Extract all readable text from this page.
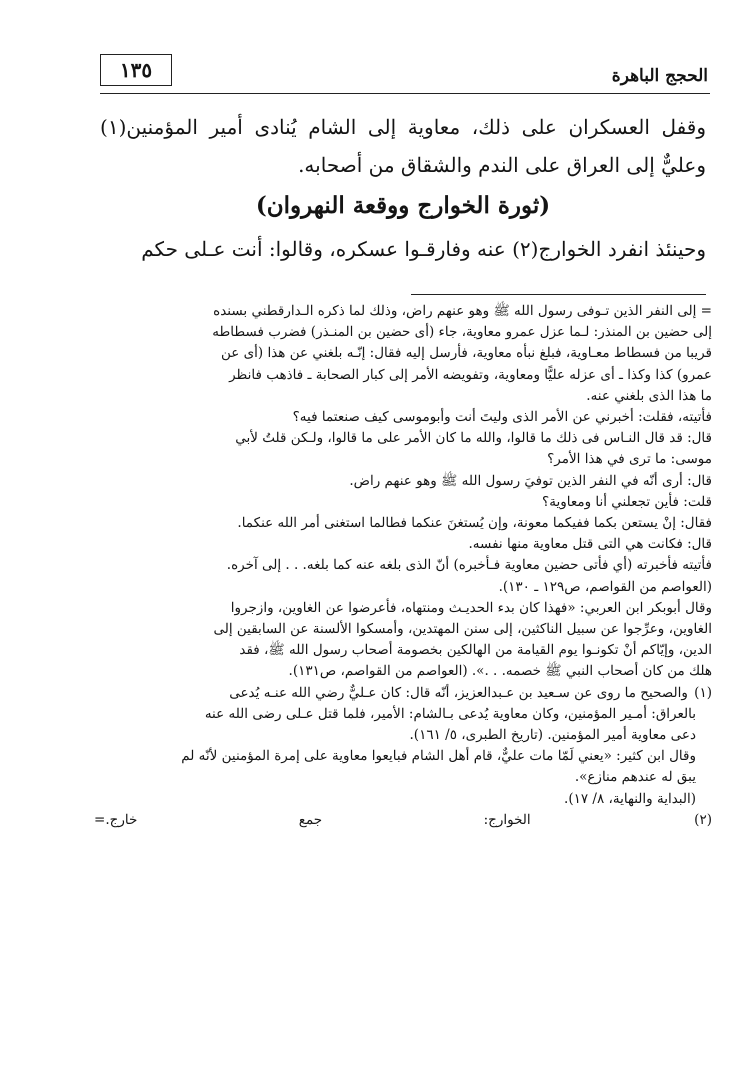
الحجج الباهرة
١٣٥

وقفل العسكران على ذلك، معاوية إلى الشام يُنادى أمير المؤمنين(١) وعليٌّ إلى العراق على الندم والشقاق من أصحابه.

(ثورة الخوارج ووقعة النهروان)

وحينئذ انفرد الخوارج(٢) عنه وفارقـوا عسكره، وقالوا: أنت عـلى حكم

= إلى النفر الذين تـوفى رسول الله ﷺ وهو عنهم راض، وذلك لما ذكره الـدارقطني بسنده

إلى حضين بن المنذر: لـما عزل عمرو معاوية، جاء (أى حضين بن المنـذر) فضرب فسطاطه

قريبا من فسطاط معـاوية، فبلغ نبأه معاوية، فأرسل إليه فقال: إنّـه بلغني عن هذا (أى عن

عمرو) كذا وكذا ـ أى عزله عليًّا ومعاوية، وتفويضه الأمر إلى كبار الصحابة ـ فاذهب فانظر

ما هذا الذى بلغني عنه.

فأتيته، فقلت: أخبرني عن الأمر الذى وليتَ أنت وأبوموسى كيف صنعتما فيه؟

قال: قد قال النـاس فى ذلك ما قالوا، والله ما كان الأمر على ما قالوا، ولـكن قلتُ لأبي

موسى: ما ترى في هذا الأمر؟

قال: أرى أنّه في النفر الذين توفيَ رسول الله ﷺ وهو عنهم راض.

قلت: فأين تجعلني أنا ومعاوية؟

فقال: إنْ يستعن بكما ففيكما معونة، وإن يُستغنَ عنكما فطالما استغنى أمر الله عنكما.

قال: فكانت هي التى قتل معاوية منها نفسه.

فأتيته فأخبرته (أي فأتى حضين معاوية فـأخبره) أنّ الذى بلغه عنه كما بلغه. . . إلى آخره.

(العواصم من القواصم، ص١٢٩ ـ ١٣٠).

وقال أبوبكر ابن العربي: «فهذا كان بدء الحديـث ومنتهاه، فأعرضوا عن الغاوين، وازجروا

الغاوين، وعرِّجوا عن سبيل الناكثين، إلى سنن المهتدين، وأمسكوا الألسنة عن السابقين إلى

الدين، وإيّاكم أنْ تكونـوا يوم القيامة من الهالكين بخصومة أصحاب رسول الله ﷺ، فقد

هلك من كان أصحاب النبي ﷺ خصمه. . .». (العواصم من القواصم، ص١٣١).

(١) والصحيح ما روى عن سـعيد بن عـبدالعزيز، أنّه قال: كان عـليٌّ رضي الله عنـه يُدعى

بالعراق: أمـير المؤمنين، وكان معاوية يُدعى بـالشام: الأمير، فلما قتل عـلى رضى الله عنه

دعى معاوية أمير المؤمنين. (تاريخ الطبرى، ٥/ ١٦١).

وقال ابن كثير: «يعني لَمّا مات عليٌّ، قام أهل الشام فبايعوا معاوية على إمرة المؤمنين لأنّه لم

يبق له عندهم منازع».

(البداية والنهاية، ٨/ ١٧).

(٢) الخوارج: جمع خارج.
=
